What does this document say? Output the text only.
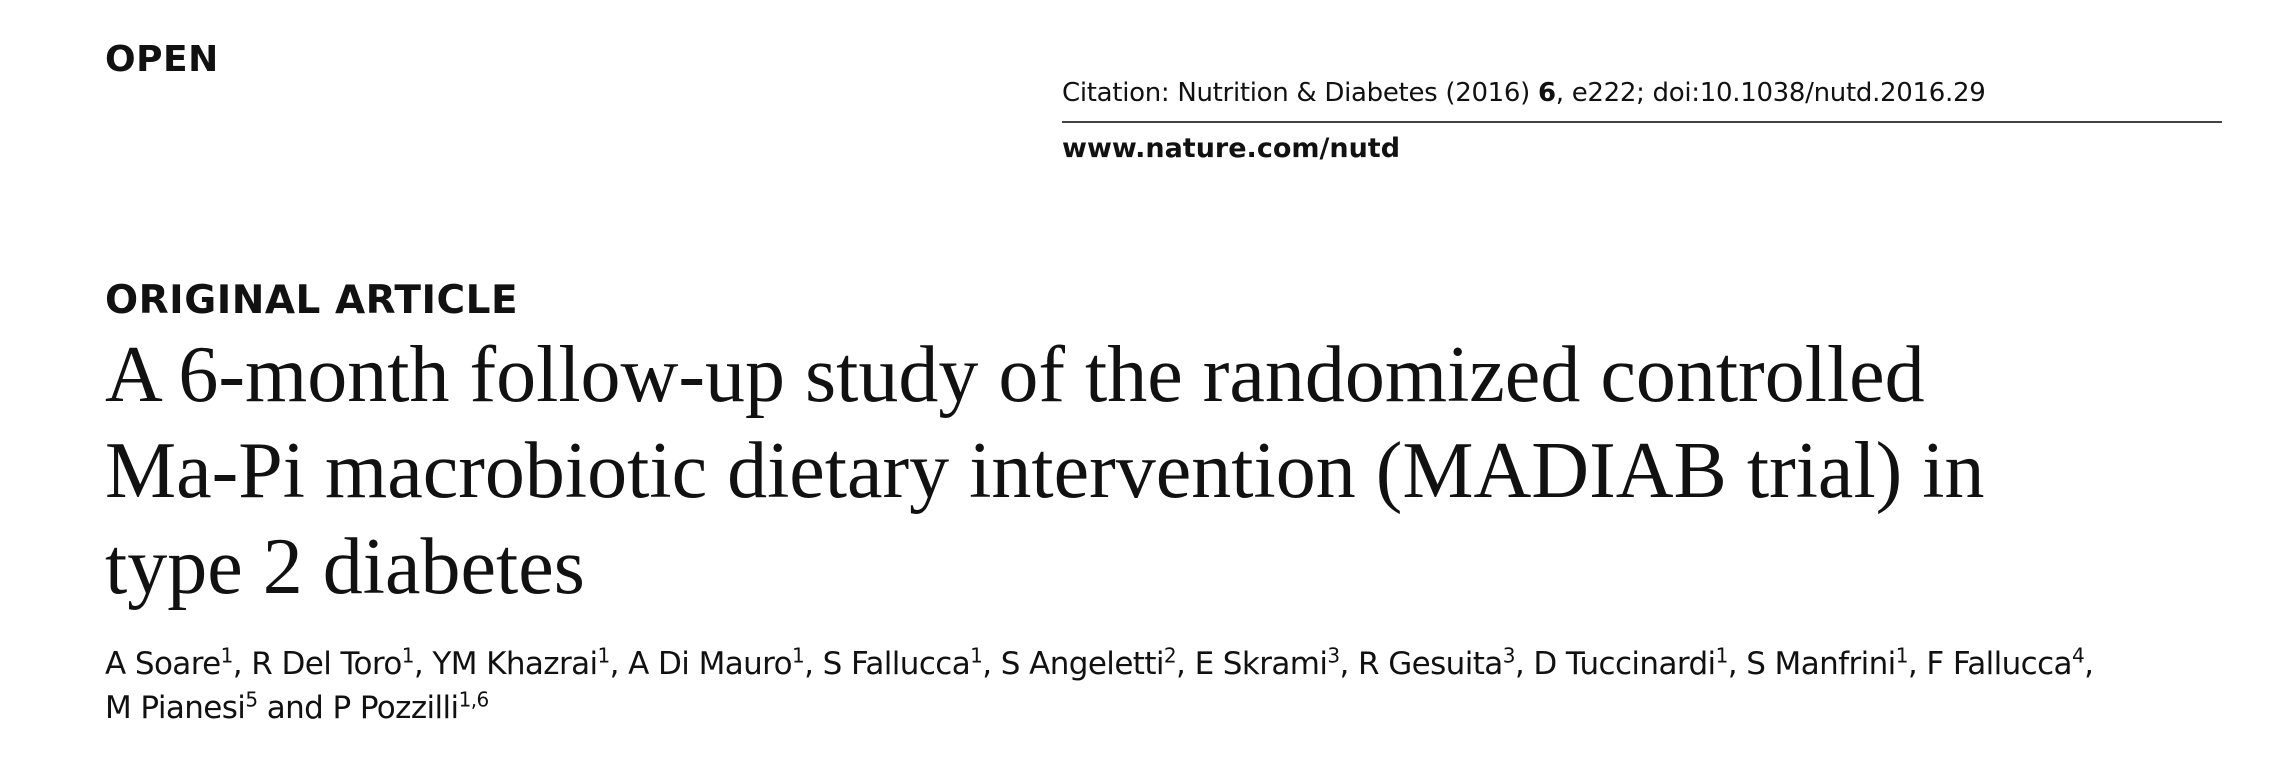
OPEN
Citation: Nutrition & Diabetes (2016) 6, e222; doi:10.1038/nutd.2016.29
www.nature.com/nutd
ORIGINAL ARTICLE
A 6-month follow-up study of the randomized controlled
Ma-Pi macrobiotic dietary intervention (MADIAB trial) in
type 2 diabetes
A Soare$^1$, R Del Toro$^1$, YM Khazrai$^1$, A Di Mauro$^1$, S Fallucca$^1$, S Angeletti$^2$, E Skrami$^3$, R Gesuita$^3$, D Tuccinardi$^1$, S Manfrini$^1$, F Fallucca$^4$,
M Pianesi$^5$ and P Pozzilli$^{1,6}$
